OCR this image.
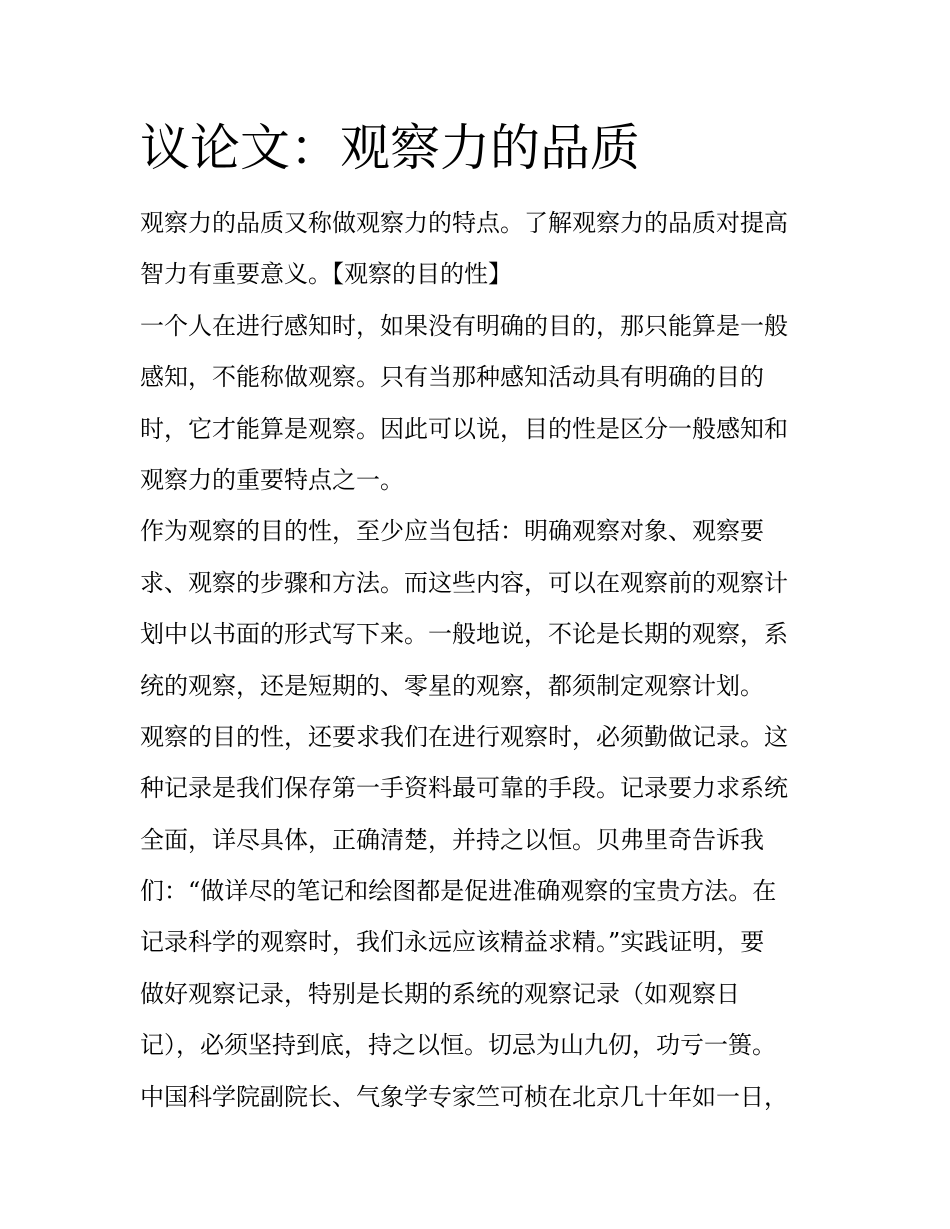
议论文：观察力的品质
观察力的品质又称做观察力的特点。了解观察力的品质对提高
智力有重要意义。【观察的目的性】
一个人在进行感知时，如果没有明确的目的，那只能算是一般
感知，不能称做观察。只有当那种感知活动具有明确的目的
时，它才能算是观察。因此可以说，目的性是区分一般感知和
观察力的重要特点之一。
作为观察的目的性，至少应当包括：明确观察对象、观察要
求、观察的步骤和方法。而这些内容，可以在观察前的观察计
划中以书面的形式写下来。一般地说，不论是长期的观察，系
统的观察，还是短期的、零星的观察，都须制定观察计划。
观察的目的性，还要求我们在进行观察时，必须勤做记录。这
种记录是我们保存第一手资料最可靠的手段。记录要力求系统
全面，详尽具体，正确清楚，并持之以恒。贝弗里奇告诉我
们：“做详尽的笔记和绘图都是促进准确观察的宝贵方法。在
记录科学的观察时，我们永远应该精益求精。”实践证明，要
做好观察记录，特别是长期的系统的观察记录（如观察日
记），必须坚持到底，持之以恒。切忌为山九仞，功亏一篑。
中国科学院副院长、气象学专家竺可桢在北京几十年如一日，
